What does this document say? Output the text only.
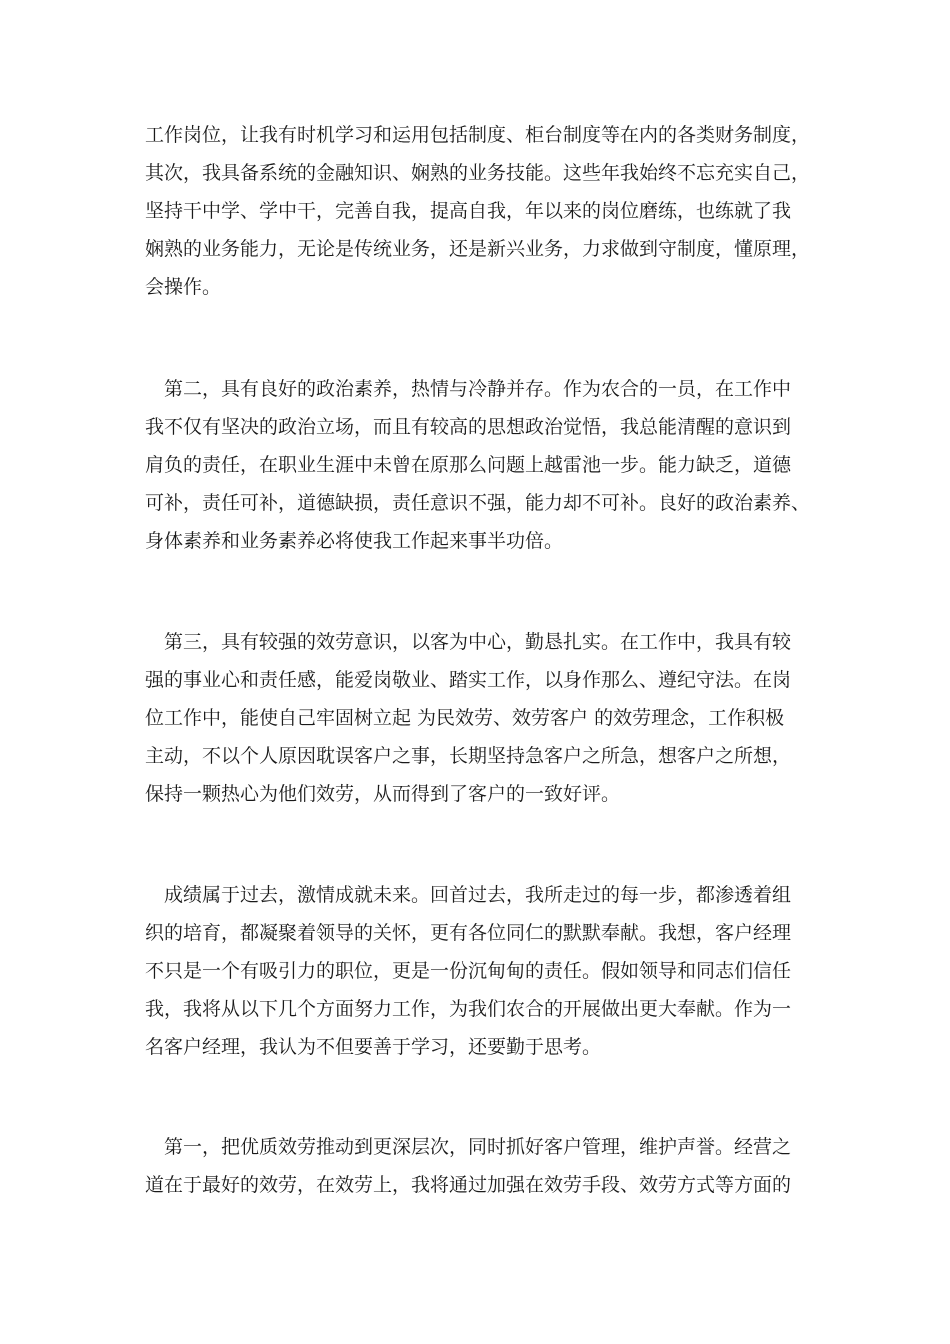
工作岗位，让我有时机学习和运用包括制度、柜台制度等在内的各类财务制度，
其次，我具备系统的金融知识、娴熟的业务技能。这些年我始终不忘充实自己，
坚持干中学、学中干，完善自我，提高自我，年以来的岗位磨练，也练就了我
娴熟的业务能力，无论是传统业务，还是新兴业务，力求做到守制度，懂原理，
会操作。

第二，具有良好的政治素养，热情与冷静并存。作为农合的一员，在工作中
我不仅有坚决的政治立场，而且有较高的思想政治觉悟，我总能清醒的意识到
肩负的责任，在职业生涯中未曾在原那么问题上越雷池一步。能力缺乏，道德
可补，责任可补，道德缺损，责任意识不强，能力却不可补。良好的政治素养、
身体素养和业务素养必将使我工作起来事半功倍。

第三，具有较强的效劳意识，以客为中心，勤恳扎实。在工作中，我具有较
强的事业心和责任感，能爱岗敬业、踏实工作，以身作那么、遵纪守法。在岗
位工作中，能使自己牢固树立起 为民效劳、效劳客户 的效劳理念，工作积极
主动，不以个人原因耽误客户之事，长期坚持急客户之所急，想客户之所想，
保持一颗热心为他们效劳，从而得到了客户的一致好评。

成绩属于过去，激情成就未来。回首过去，我所走过的每一步，都渗透着组
织的培育，都凝聚着领导的关怀，更有各位同仁的默默奉献。我想，客户经理
不只是一个有吸引力的职位，更是一份沉甸甸的责任。假如领导和同志们信任
我，我将从以下几个方面努力工作，为我们农合的开展做出更大奉献。作为一
名客户经理，我认为不但要善于学习，还要勤于思考。

第一，把优质效劳推动到更深层次，同时抓好客户管理，维护声誉。经营之
道在于最好的效劳，在效劳上，我将通过加强在效劳手段、效劳方式等方面的
